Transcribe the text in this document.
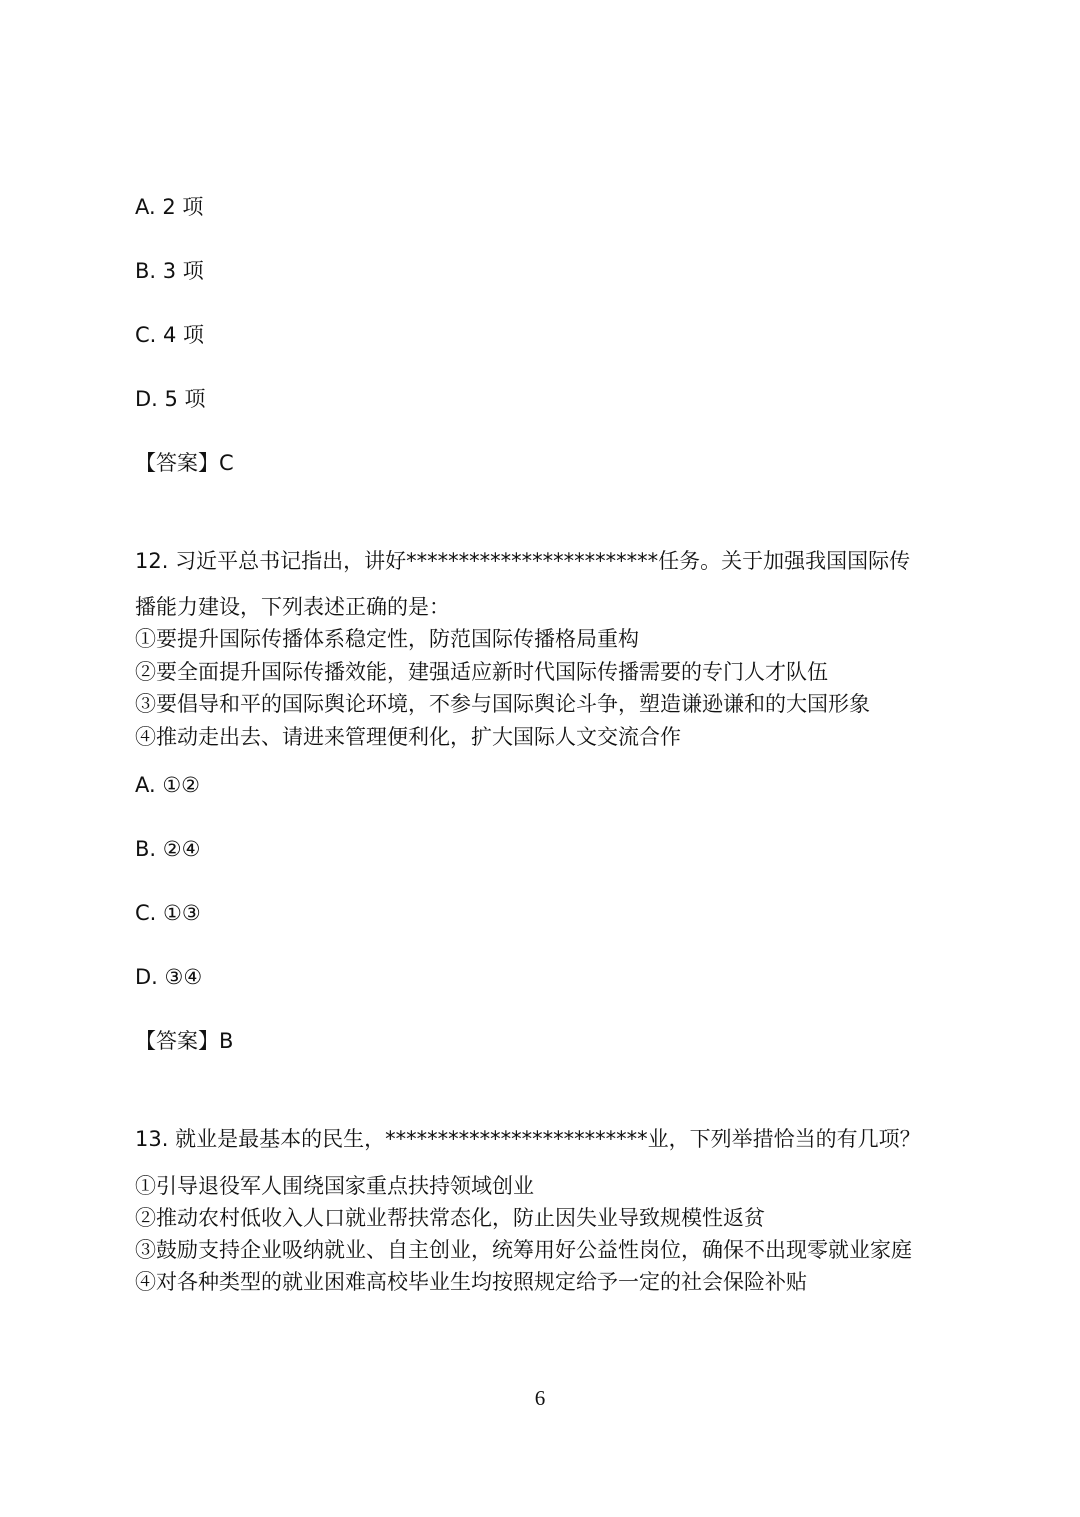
A. 2 项
B. 3 项
C. 4 项
D. 5 项
【答案】C
12. 习近平总书记指出，讲好************************任务。关于加强我国国际传
播能力建设，下列表述正确的是：
①要提升国际传播体系稳定性，防范国际传播格局重构
②要全面提升国际传播效能，建强适应新时代国际传播需要的专门人才队伍
③要倡导和平的国际舆论环境，不参与国际舆论斗争，塑造谦逊谦和的大国形象
④推动走出去、请进来管理便利化，扩大国际人文交流合作
A. ①②
B. ②④
C. ①③
D. ③④
【答案】B
13. 就业是最基本的民生，*************************业，下列举措恰当的有几项？
①引导退役军人围绕国家重点扶持领域创业
②推动农村低收入人口就业帮扶常态化，防止因失业导致规模性返贫
③鼓励支持企业吸纳就业、自主创业，统筹用好公益性岗位，确保不出现零就业家庭
④对各种类型的就业困难高校毕业生均按照规定给予一定的社会保险补贴
6
